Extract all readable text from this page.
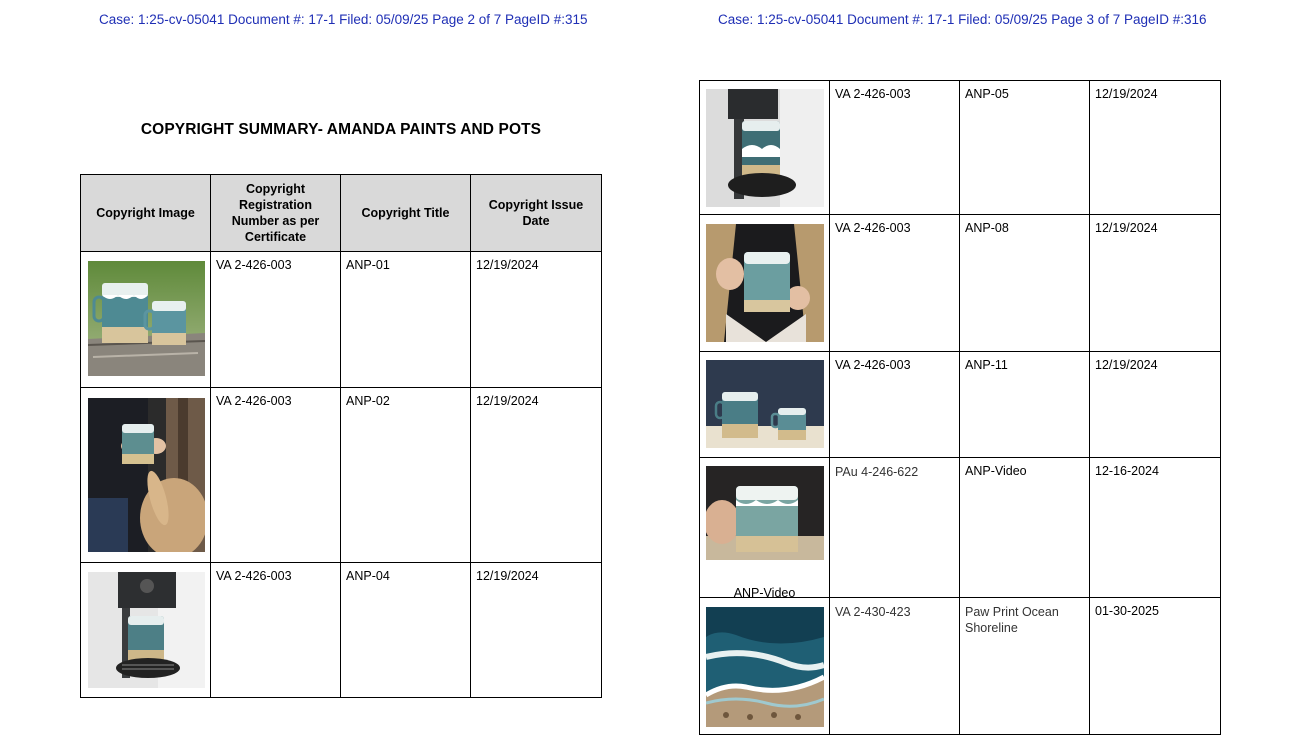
Case: 1:25-cv-05041 Document #: 17-1 Filed: 05/09/25 Page 2 of 7 PageID #:315
COPYRIGHT SUMMARY- AMANDA PAINTS AND POTS
Copyright Image	Copyright Registration Number as per Certificate	Copyright Title	Copyright Issue Date

	VA 2-426-003	ANP-01	12/19/2024

	VA 2-426-003	ANP-02	12/19/2024

	VA 2-426-003	ANP-04	12/19/2024
Case: 1:25-cv-05041 Document #: 17-1 Filed: 05/09/25 Page 3 of 7 PageID #:316
	VA 2-426-003	ANP-05	12/19/2024

	VA 2-426-003	ANP-08	12/19/2024

	VA 2-426-003	ANP-11	12/19/2024

ANP-Video	PAu 4-246-622	ANP-Video	12-16-2024

	VA 2-430-423	Paw Print Ocean Shoreline	01-30-2025
